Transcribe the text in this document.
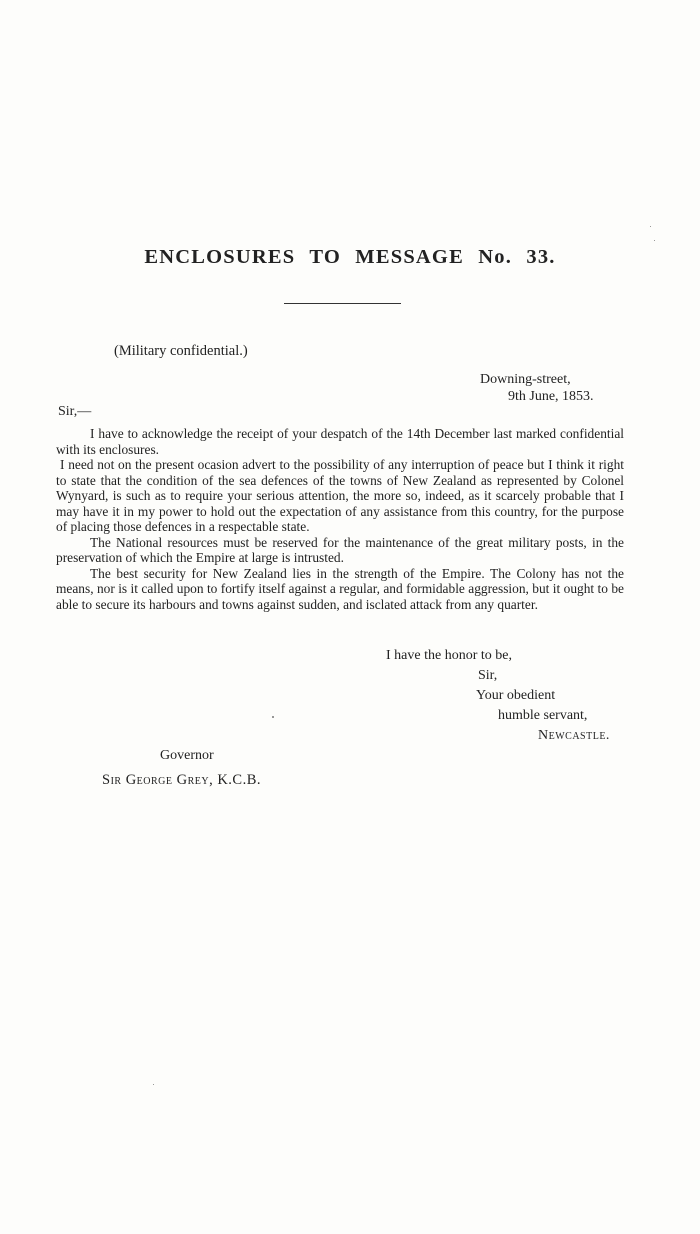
ENCLOSURES TO MESSAGE No. 33.
(Military confidential.)
Downing-street,
9th June, 1853.
Sir,—

I have to acknowledge the receipt of your despatch of the 14th December last marked confidential with its enclosures.

I need not on the present ocasion advert to the possibility of any interruption of peace but I think it right to state that the condition of the sea defences of the towns of New Zealand as represented by Colonel Wynyard, is such as to require your serious attention, the more so, indeed, as it scarcely probable that I may have it in my power to hold out the expectation of any assistance from this country, for the purpose of placing those defences in a respectable state.

The National resources must be reserved for the maintenance of the great military posts, in the preservation of which the Empire at large is intrusted.

The best security for New Zealand lies in the strength of the Empire. The Colony has not the means, nor is it called upon to fortify itself against a regular, and formidable aggression, but it ought to be able to secure its harbours and towns against sudden, and isclated attack from any quarter.

I have the honor to be,
Sir,
Your obedient
humble servant,
Newcastle.
Governor
Sir George Grey, K.C.B.
